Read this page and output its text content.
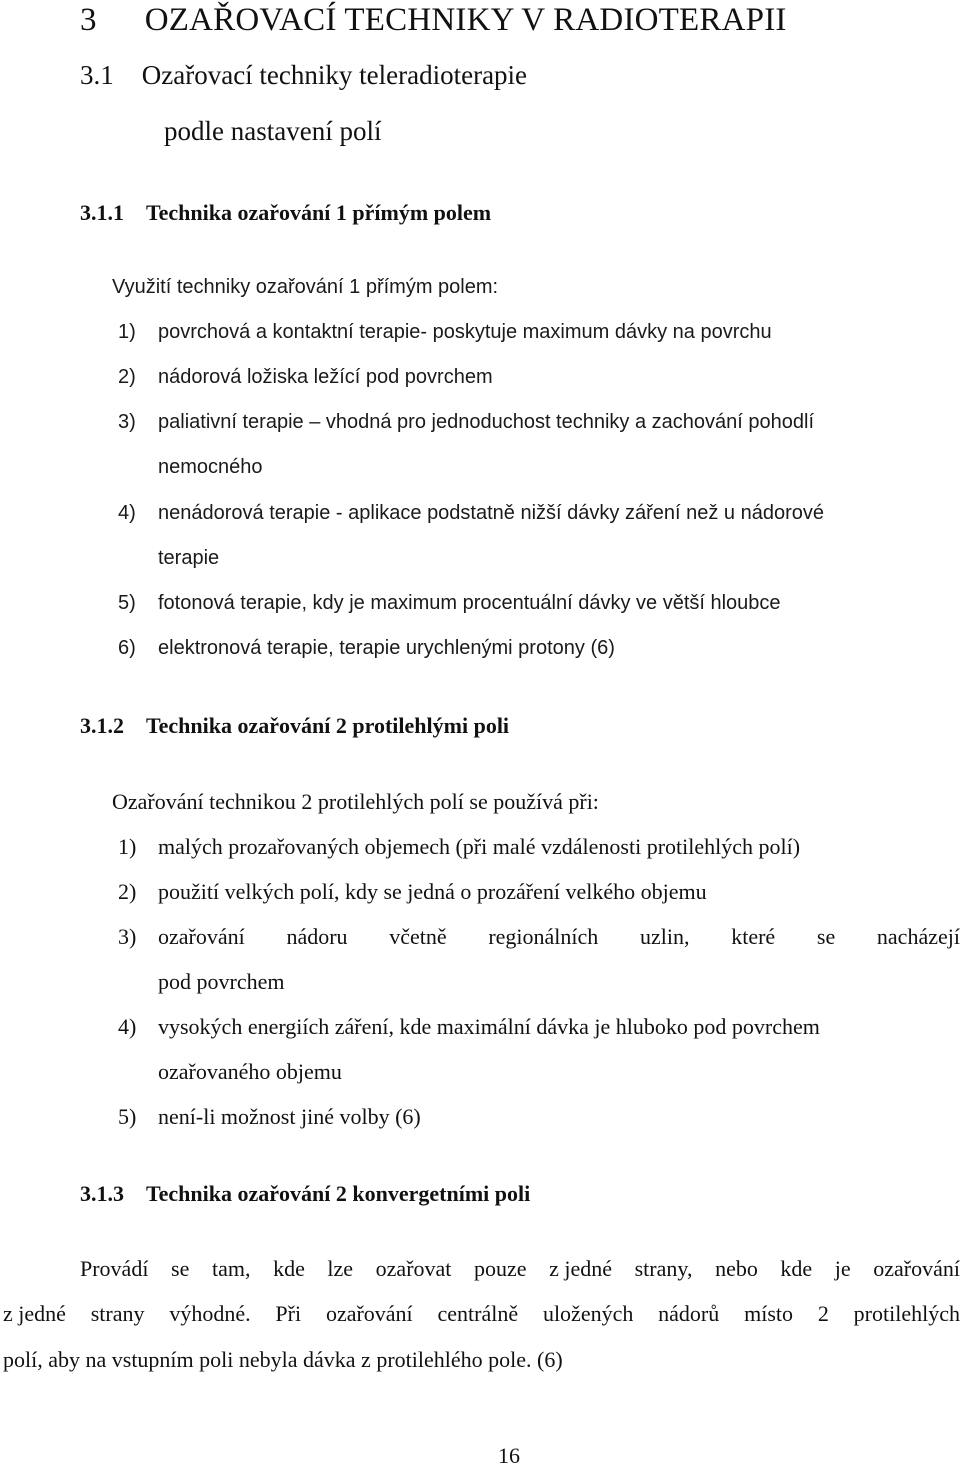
3 OZAŘOVACÍ TECHNIKY V RADIOTERAPII
3.1 Ozařovací techniky teleradioterapie
podle nastavení polí
3.1.1 Technika ozařování 1 přímým polem
Využití techniky ozařování 1 přímým polem:
1) povrchová a kontaktní terapie- poskytuje maximum dávky na povrchu
2) nádorová ložiska ležící pod povrchem
3) paliativní terapie – vhodná pro jednoduchost techniky a zachování pohodlí
nemocného
4) nenádorová terapie - aplikace podstatně nižší dávky záření než u nádorové
terapie
5) fotonová terapie, kdy je maximum procentuální dávky ve větší hloubce
6) elektronová terapie, terapie urychlenými protony (6)
3.1.2 Technika ozařování 2 protilehlými poli
Ozařování technikou 2 protilehlých polí se používá při:
1) malých prozařovaných objemech (při malé vzdálenosti protilehlých polí)
2) použití velkých polí, kdy se jedná o prozáření velkého objemu
3) ozařování nádoru včetně regionálních uzlin, které se nacházejí
pod povrchem
4) vysokých energiích záření, kde maximální dávka je hluboko pod povrchem
ozařovaného objemu
5) není-li možnost jiné volby (6)
3.1.3 Technika ozařování 2 konvergetními poli
Provádí se tam, kde lze ozařovat pouze z jedné strany, nebo kde je ozařování
z jedné strany výhodné. Při ozařování centrálně uložených nádorů místo 2 protilehlých
polí, aby na vstupním poli nebyla dávka z protilehlého pole. (6)
16
